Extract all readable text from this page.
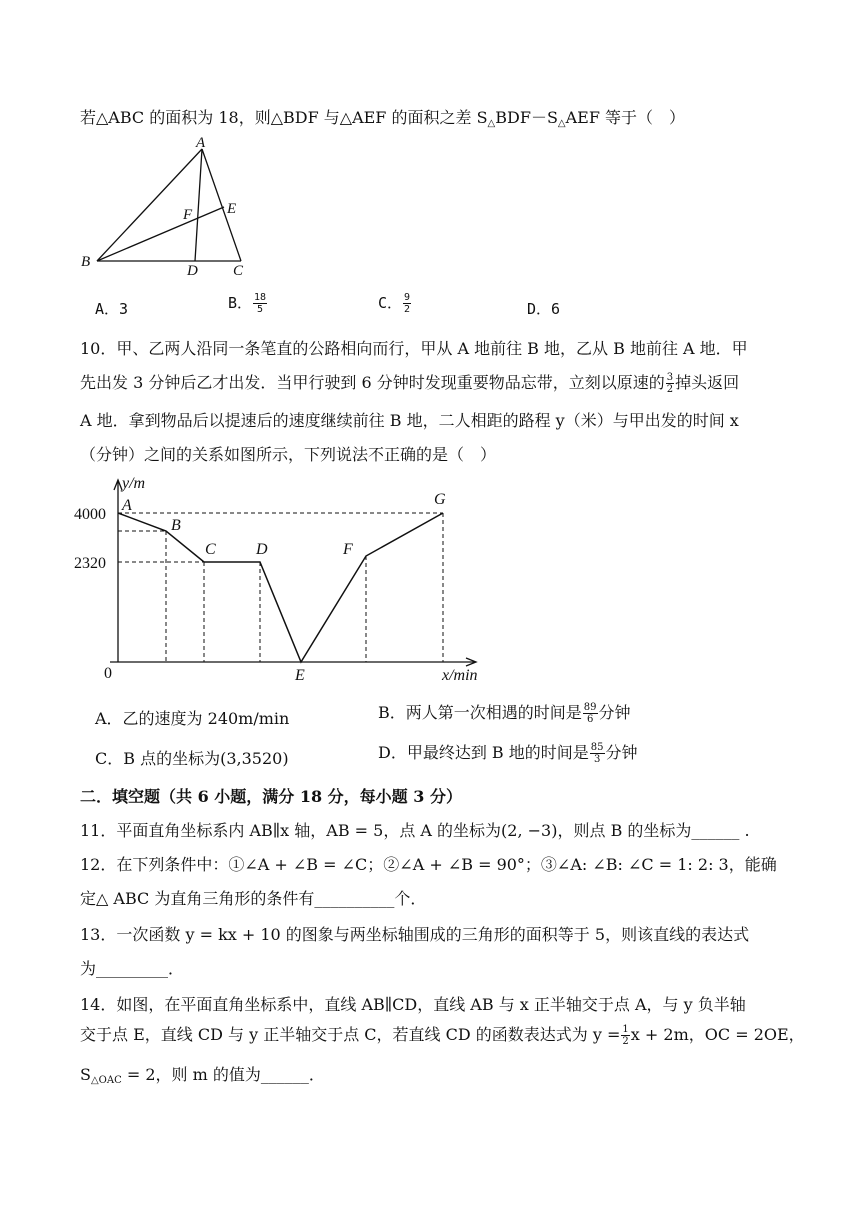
若△ABC 的面积为 18，则△BDF 与△AEF 的面积之差 $S_\triangle BDF-S_\triangle AEF$ 等于（　）
A
B
C
D
E
F
A．3	B． $\frac{18}{5}$	C． $\frac{9}{2}$	D．6
10．甲、乙两人沿同一条笔直的公路相向而行，甲从 A 地前往 B 地，乙从 B 地前往 A 地．甲
先出发 3 分钟后乙才出发．当甲行驶到 6 分钟时发现重要物品忘带，立刻以原速的 $\frac{3}{2}$ 掉头返回
A 地．拿到物品后以提速后的速度继续前往 B 地，二人相距的路程 y（米）与甲出发的时间 x
（分钟）之间的关系如图所示，下列说法不正确的是（　）
4000
2320
0
y/m
x/min
A
B
C	D
E
F
G
A．乙的速度为 240m/min	B．两人第一次相遇的时间是 $\frac{89}{6}$ 分钟
C．B 点的坐标为(3,3520)	D．甲最终达到 B 地的时间是 $\frac{85}{3}$ 分钟
二．填空题（共 6 小题，满分 18 分，每小题 3 分）
11．平面直角坐标系内 AB∥x 轴，AB = 5，点 A 的坐标为(2, −3)，则点 B 的坐标为______ .
12．在下列条件中：①∠A + ∠B = ∠C；②∠A + ∠B = 90°；③∠A: ∠B: ∠C = 1: 2: 3，能确
定△ ABC 为直角三角形的条件有__________个．
13．一次函数 y = kx + 10 的图象与两坐标轴围成的三角形的面积等于 5，则该直线的表达式
为_________．
14．如图，在平面直角坐标系中，直线 AB∥CD，直线 AB 与 x 正半轴交于点 A，与 y 负半轴
交于点 E，直线 CD 与 y 正半轴交于点 C，若直线 CD 的函数表达式为 $y = \frac{1}{2}$ x + 2m，OC = 2OE，
$S_{\triangle OAC} = 2$，则 m 的值为______．
